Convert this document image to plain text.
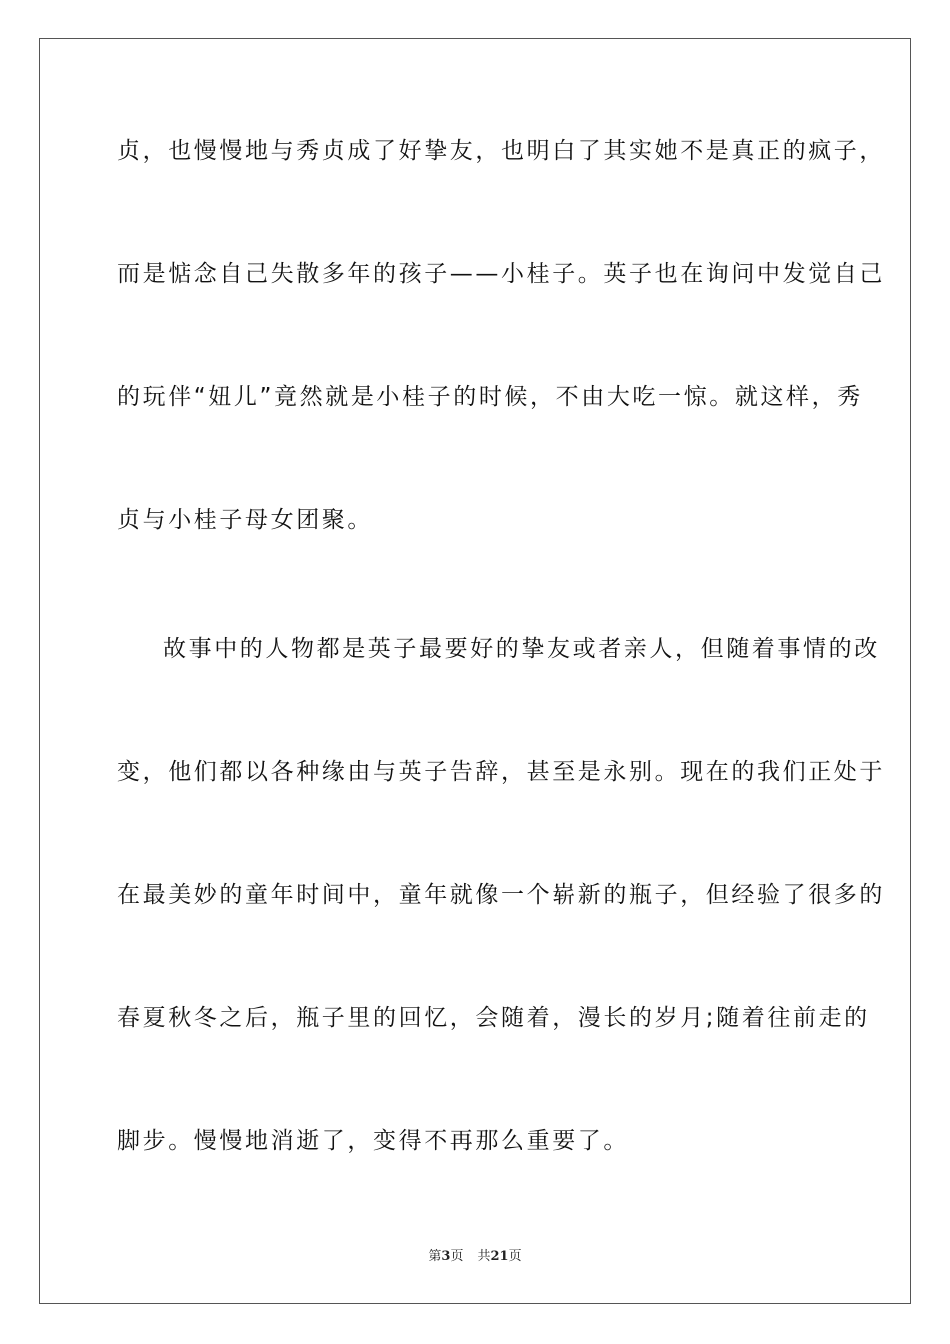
贞，也慢慢地与秀贞成了好挚友，也明白了其实她不是真正的疯子，
而是惦念自己失散多年的孩子——小桂子。英子也在询问中发觉自己
的玩伴“妞儿”竟然就是小桂子的时候，不由大吃一惊。就这样，秀
贞与小桂子母女团聚。
故事中的人物都是英子最要好的挚友或者亲人，但随着事情的改
变，他们都以各种缘由与英子告辞，甚至是永别。现在的我们正处于
在最美妙的童年时间中，童年就像一个崭新的瓶子，但经验了很多的
春夏秋冬之后，瓶子里的回忆，会随着，漫长的岁月;随着往前走的
脚步。慢慢地消逝了，变得不再那么重要了。
第3页 共21页
